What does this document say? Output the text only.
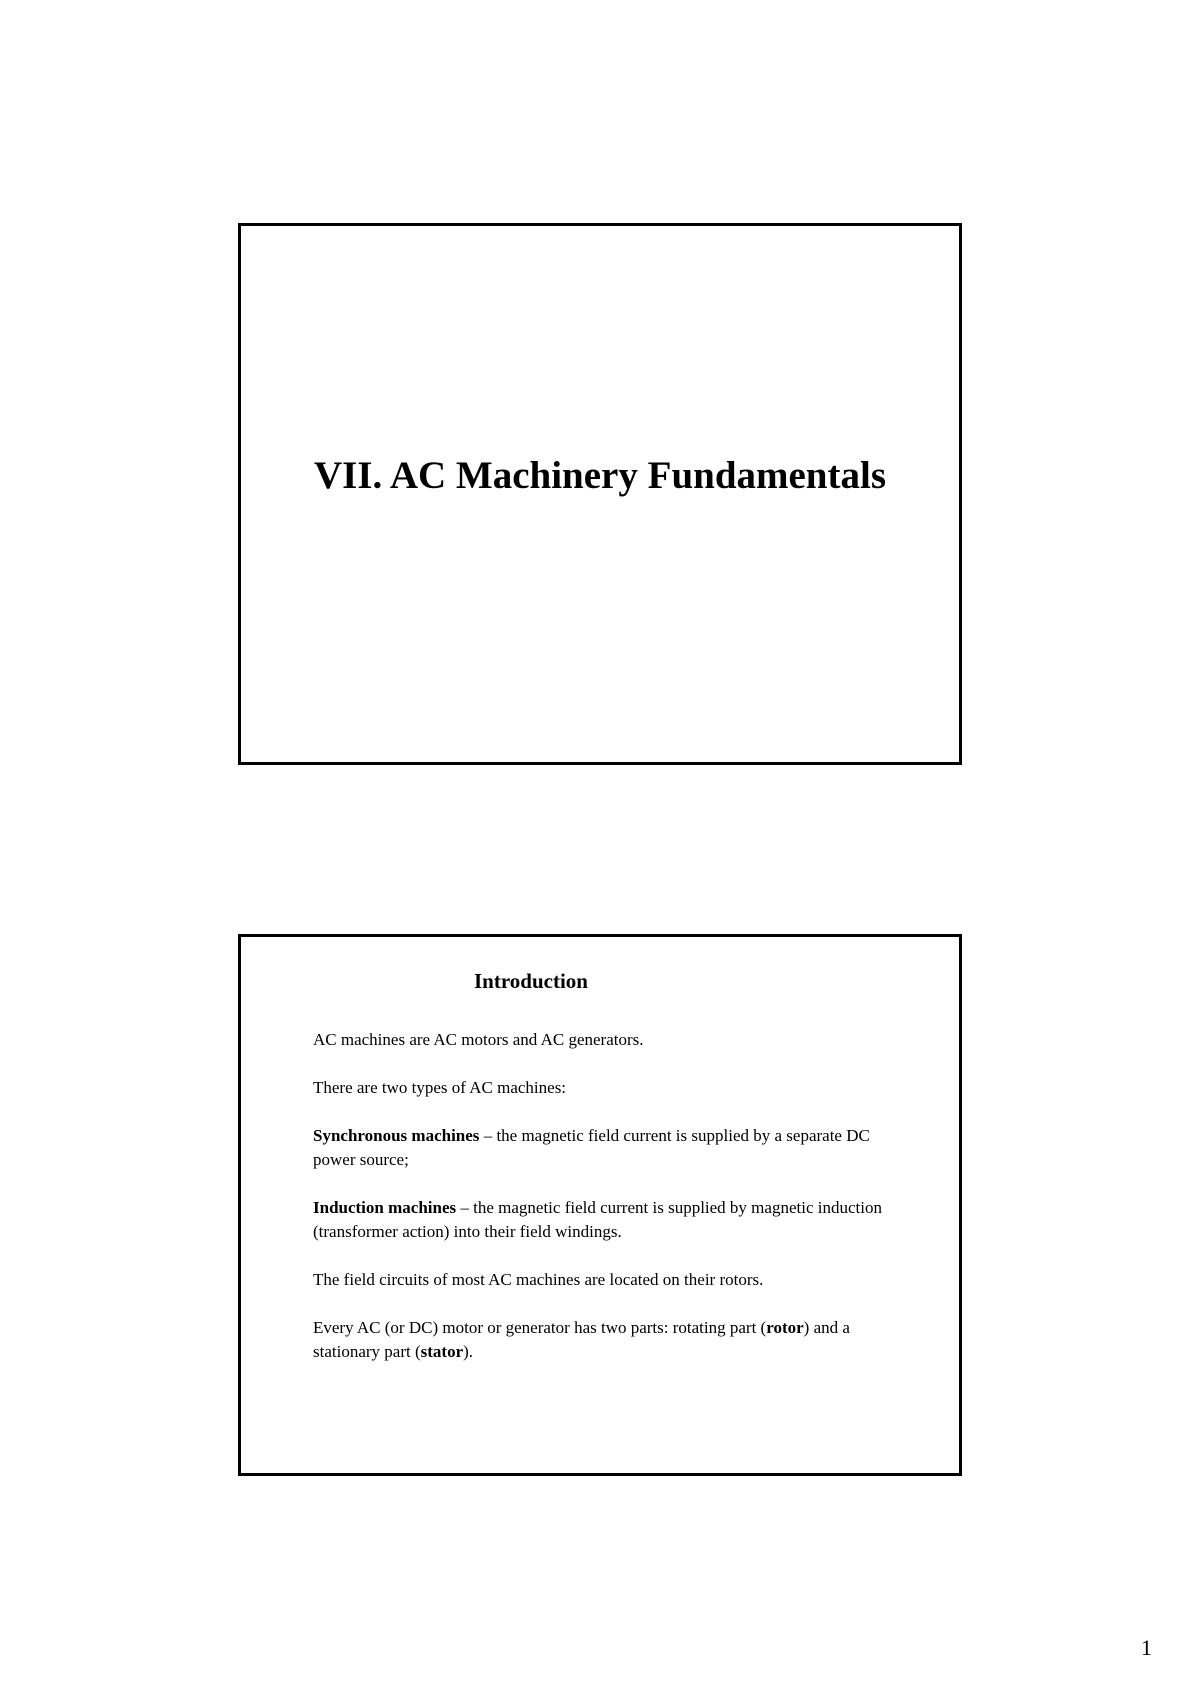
VII. AC Machinery Fundamentals
Introduction

AC machines are AC motors and AC generators.

There are two types of AC machines:

Synchronous machines – the magnetic field current is supplied by a separate DC power source;

Induction machines – the magnetic field current is supplied by magnetic induction (transformer action) into their field windings.

The field circuits of most AC machines are located on their rotors.

Every AC (or DC) motor or generator has two parts: rotating part (rotor) and a stationary part (stator).

1
